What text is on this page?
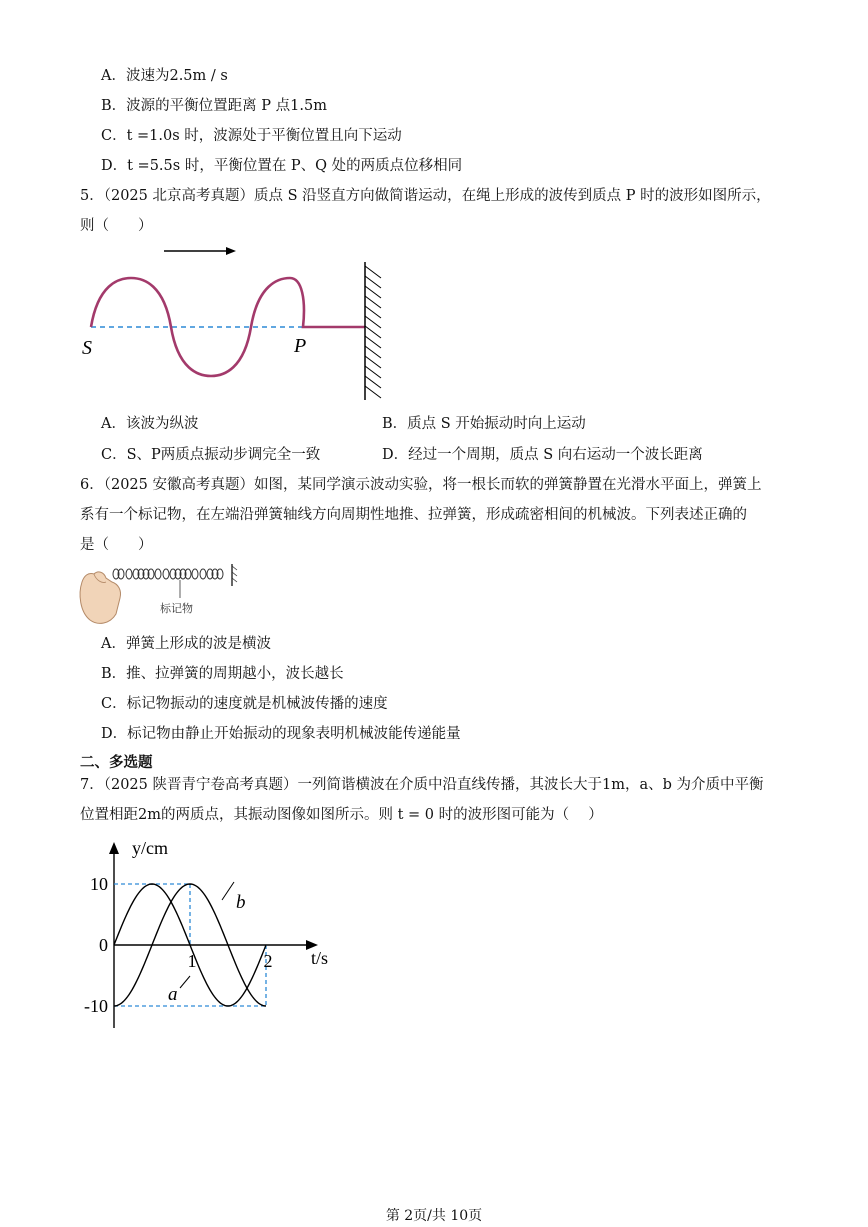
A．波速为2.5m / s
B．波源的平衡位置距离 P 点1.5m
C．t =1.0s 时，波源处于平衡位置且向下运动
D．t =5.5s 时，平衡位置在 P、Q 处的两质点位移相同
5．（2025 北京高考真题）质点 S 沿竖直方向做简谐运动，在绳上形成的波传到质点 P 时的波形如图所示，
则（　　）
S	P
A．该波为纵波	B．质点 S 开始振动时向上运动
C．S、P两质点振动步调完全一致	D．经过一个周期，质点 S 向右运动一个波长距离
6．（2025 安徽高考真题）如图，某同学演示波动实验，将一根长而软的弹簧静置在光滑水平面上，弹簧上
系有一个标记物，在左端沿弹簧轴线方向周期性地推、拉弹簧，形成疏密相间的机械波。下列表述正确的
是（　　）
标记物
A．弹簧上形成的波是横波
B．推、拉弹簧的周期越小，波长越长
C．标记物振动的速度就是机械波传播的速度
D．标记物由静止开始振动的现象表明机械波能传递能量
二、多选题
7．（2025 陕晋青宁卷高考真题）一列简谐横波在介质中沿直线传播，其波长大于1m，a、b 为介质中平衡
位置相距2m的两质点，其振动图像如图所示。则 t = 0 时的波形图可能为（　 ）
10
0
-10
1	2
b
a
y/cm
t/s
第 2页/共 10页
